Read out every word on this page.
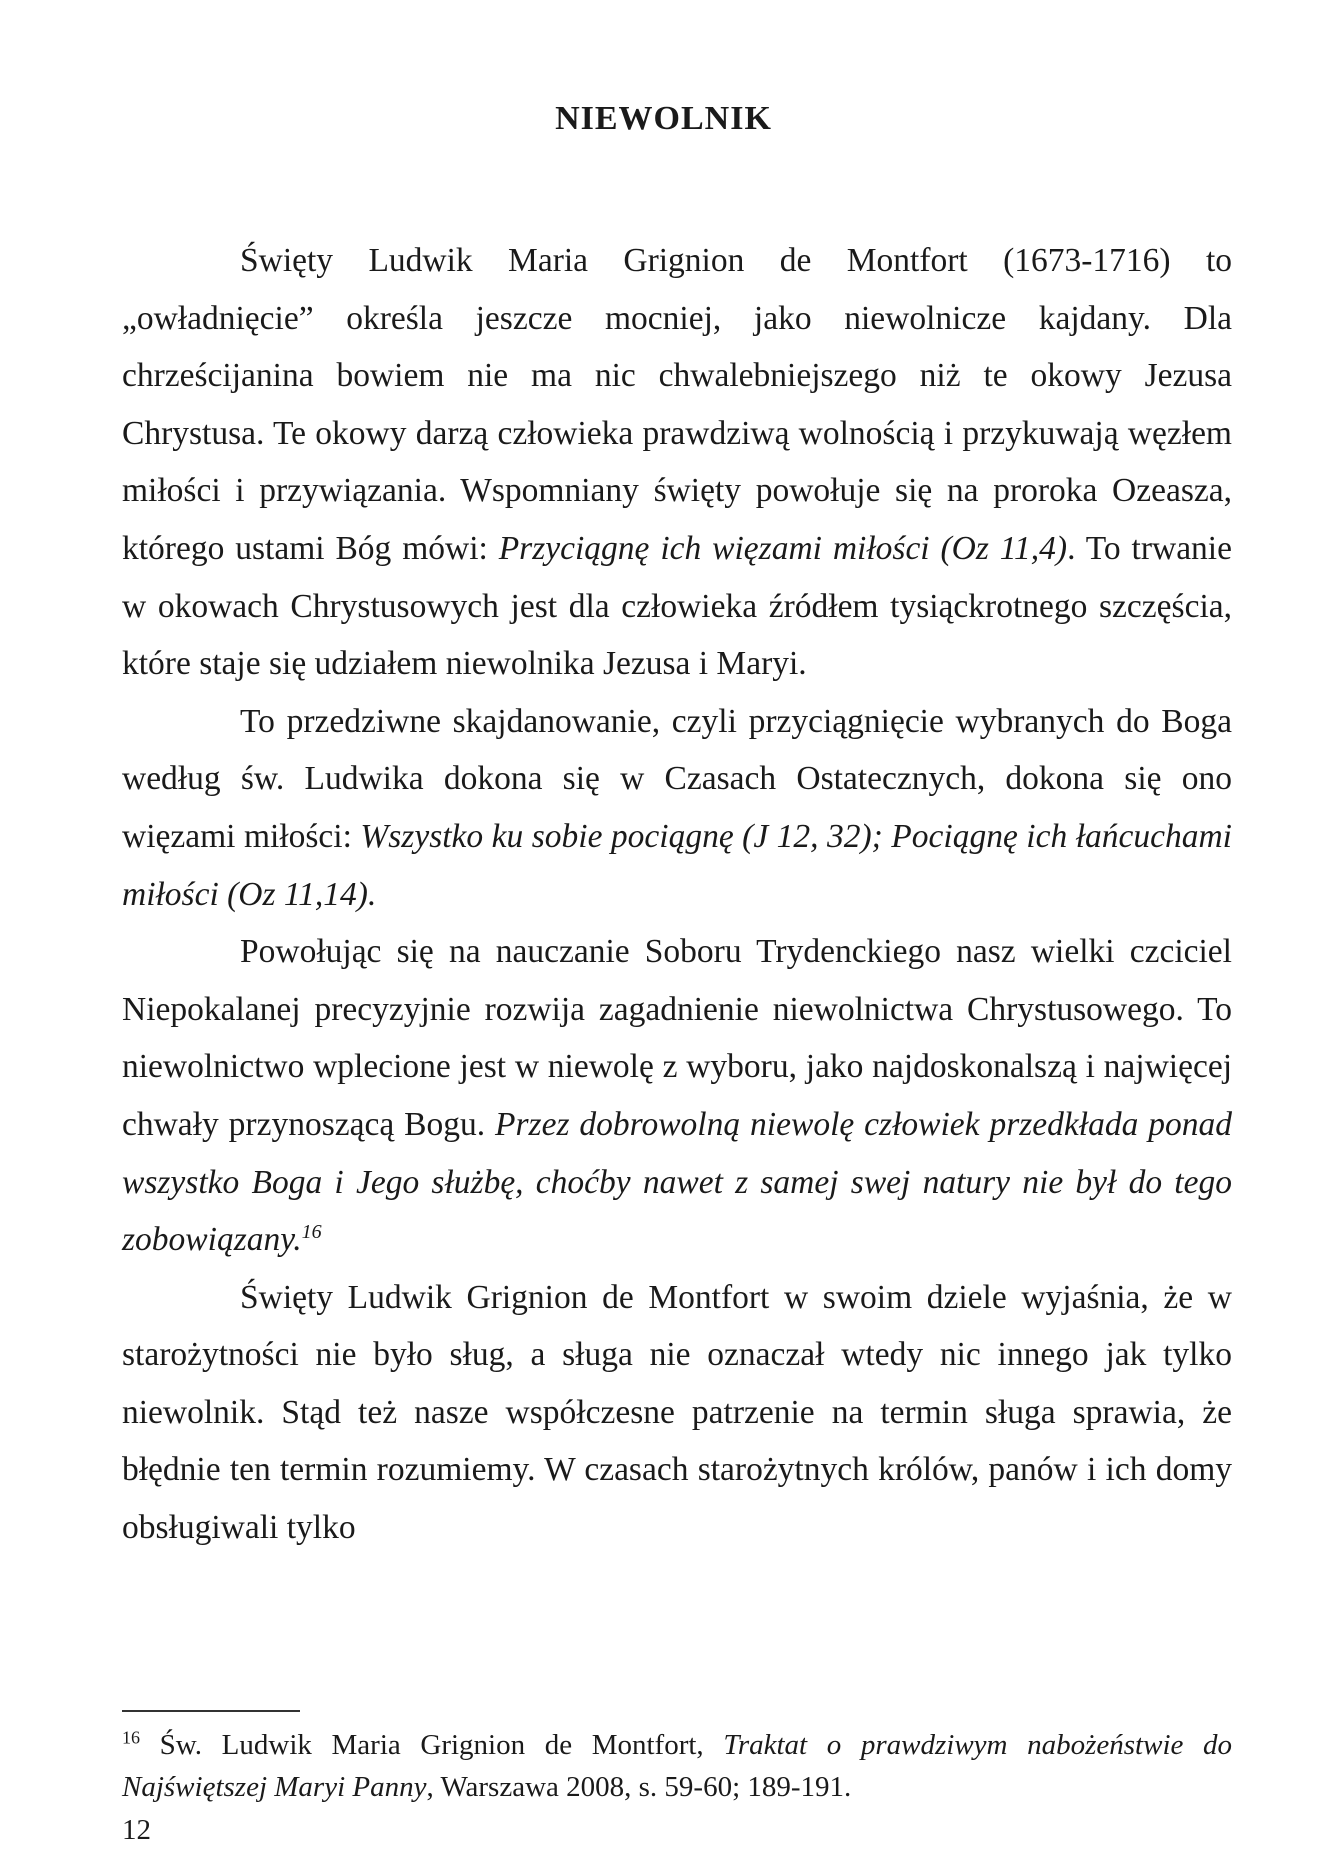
NIEWOLNIK

Święty Ludwik Maria Grignion de Montfort (1673-1716) to „owładnięcie” określa jeszcze mocniej, jako niewolnicze kajdany. Dla chrześcijanina bowiem nie ma nic chwalebniejszego niż te okowy Jezusa Chrystusa. Te okowy darzą człowieka prawdziwą wolnością i przykuwają węzłem miłości i przywiązania. Wspomniany święty powołuje się na proroka Ozeasza, którego ustami Bóg mówi: Przyciągnę ich więzami miłości (Oz 11,4). To trwanie w okowach Chrystusowych jest dla człowieka źródłem tysiąckrotnego szczęścia, które staje się udziałem niewolnika Jezusa i Maryi.

To przedziwne skajdanowanie, czyli przyciągnięcie wybranych do Boga według św. Ludwika dokona się w Czasach Ostatecznych, dokona się ono więzami miłości: Wszystko ku sobie pociągnę (J 12, 32); Pociągnę ich łańcuchami miłości (Oz 11,14).

Powołując się na nauczanie Soboru Trydenckiego nasz wielki czciciel Niepokalanej precyzyjnie rozwija zagadnienie niewolnictwa Chrystusowego. To niewolnictwo wplecione jest w niewolę z wyboru, jako najdoskonalszą i najwięcej chwały przynoszącą Bogu. Przez dobrowolną niewolę człowiek przedkłada ponad wszystko Boga i Jego służbę, choćby nawet z samej swej natury nie był do tego zobowiązany.$^{16}$

Święty Ludwik Grignion de Montfort w swoim dziele wyjaśnia, że w starożytności nie było sług, a sługa nie oznaczał wtedy nic innego jak tylko niewolnik. Stąd też nasze współczesne patrzenie na termin sługa sprawia, że błędnie ten termin rozumiemy. W czasach starożytnych królów, panów i ich domy obsługiwali tylko

$^{16}$ Św. Ludwik Maria Grignion de Montfort, Traktat o prawdziwym nabożeństwie do Najświętszej Maryi Panny, Warszawa 2008, s. 59-60; 189-191.

12
